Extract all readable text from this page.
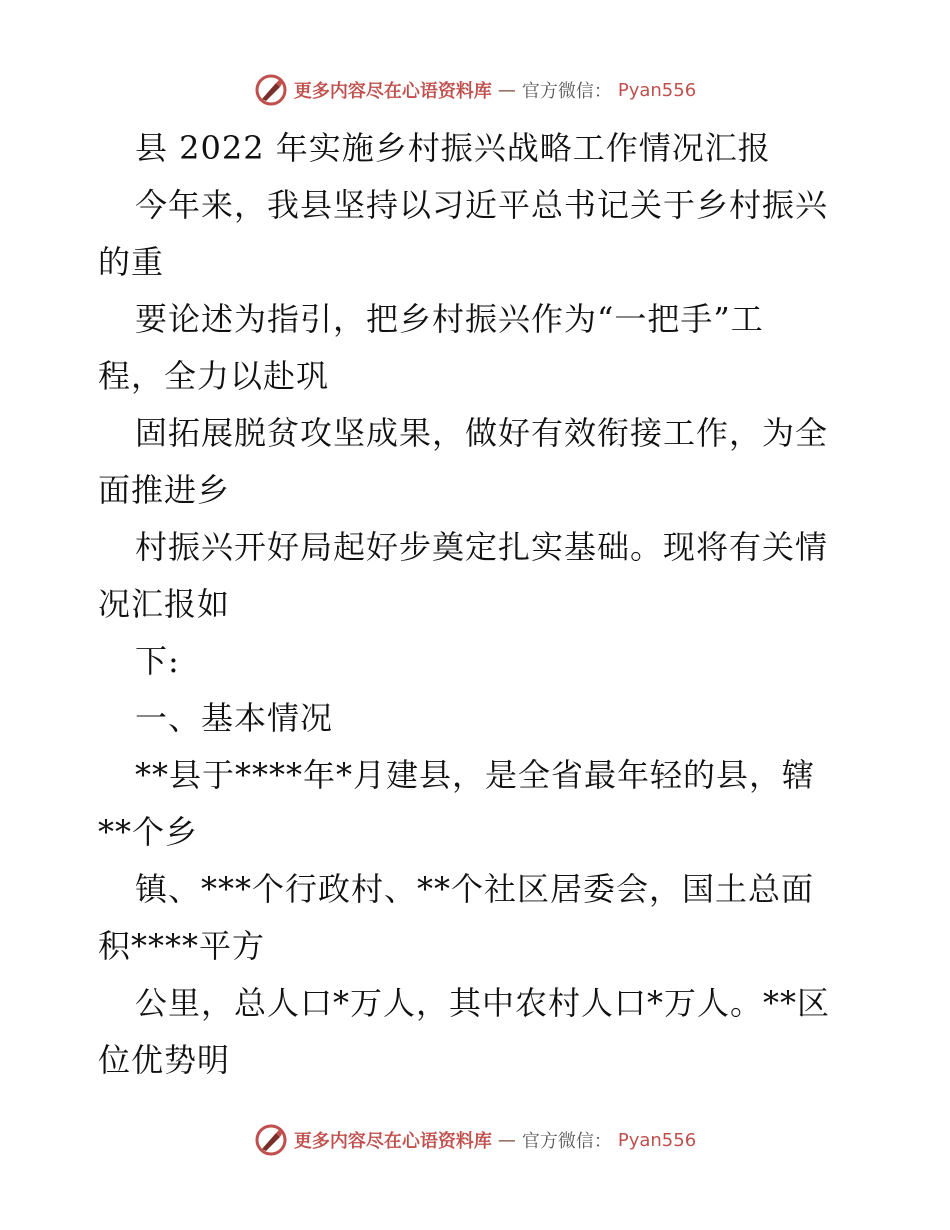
更多内容尽在心语资料库 — 官方微信： Pyan556
县 2022 年实施乡村振兴战略工作情况汇报
今年来，我县坚持以习近平总书记关于乡村振兴
的重
要论述为指引，把乡村振兴作为“一把手”工
程，全力以赴巩
固拓展脱贫攻坚成果，做好有效衔接工作，为全
面推进乡
村振兴开好局起好步奠定扎实基础。现将有关情
况汇报如
下:
一、基本情况
**县于****年*月建县，是全省最年轻的县，辖
**个乡
镇、***个行政村、**个社区居委会，国土总面
积****平方
公里，总人口*万人，其中农村人口*万人。**区
位优势明
更多内容尽在心语资料库 — 官方微信： Pyan556
